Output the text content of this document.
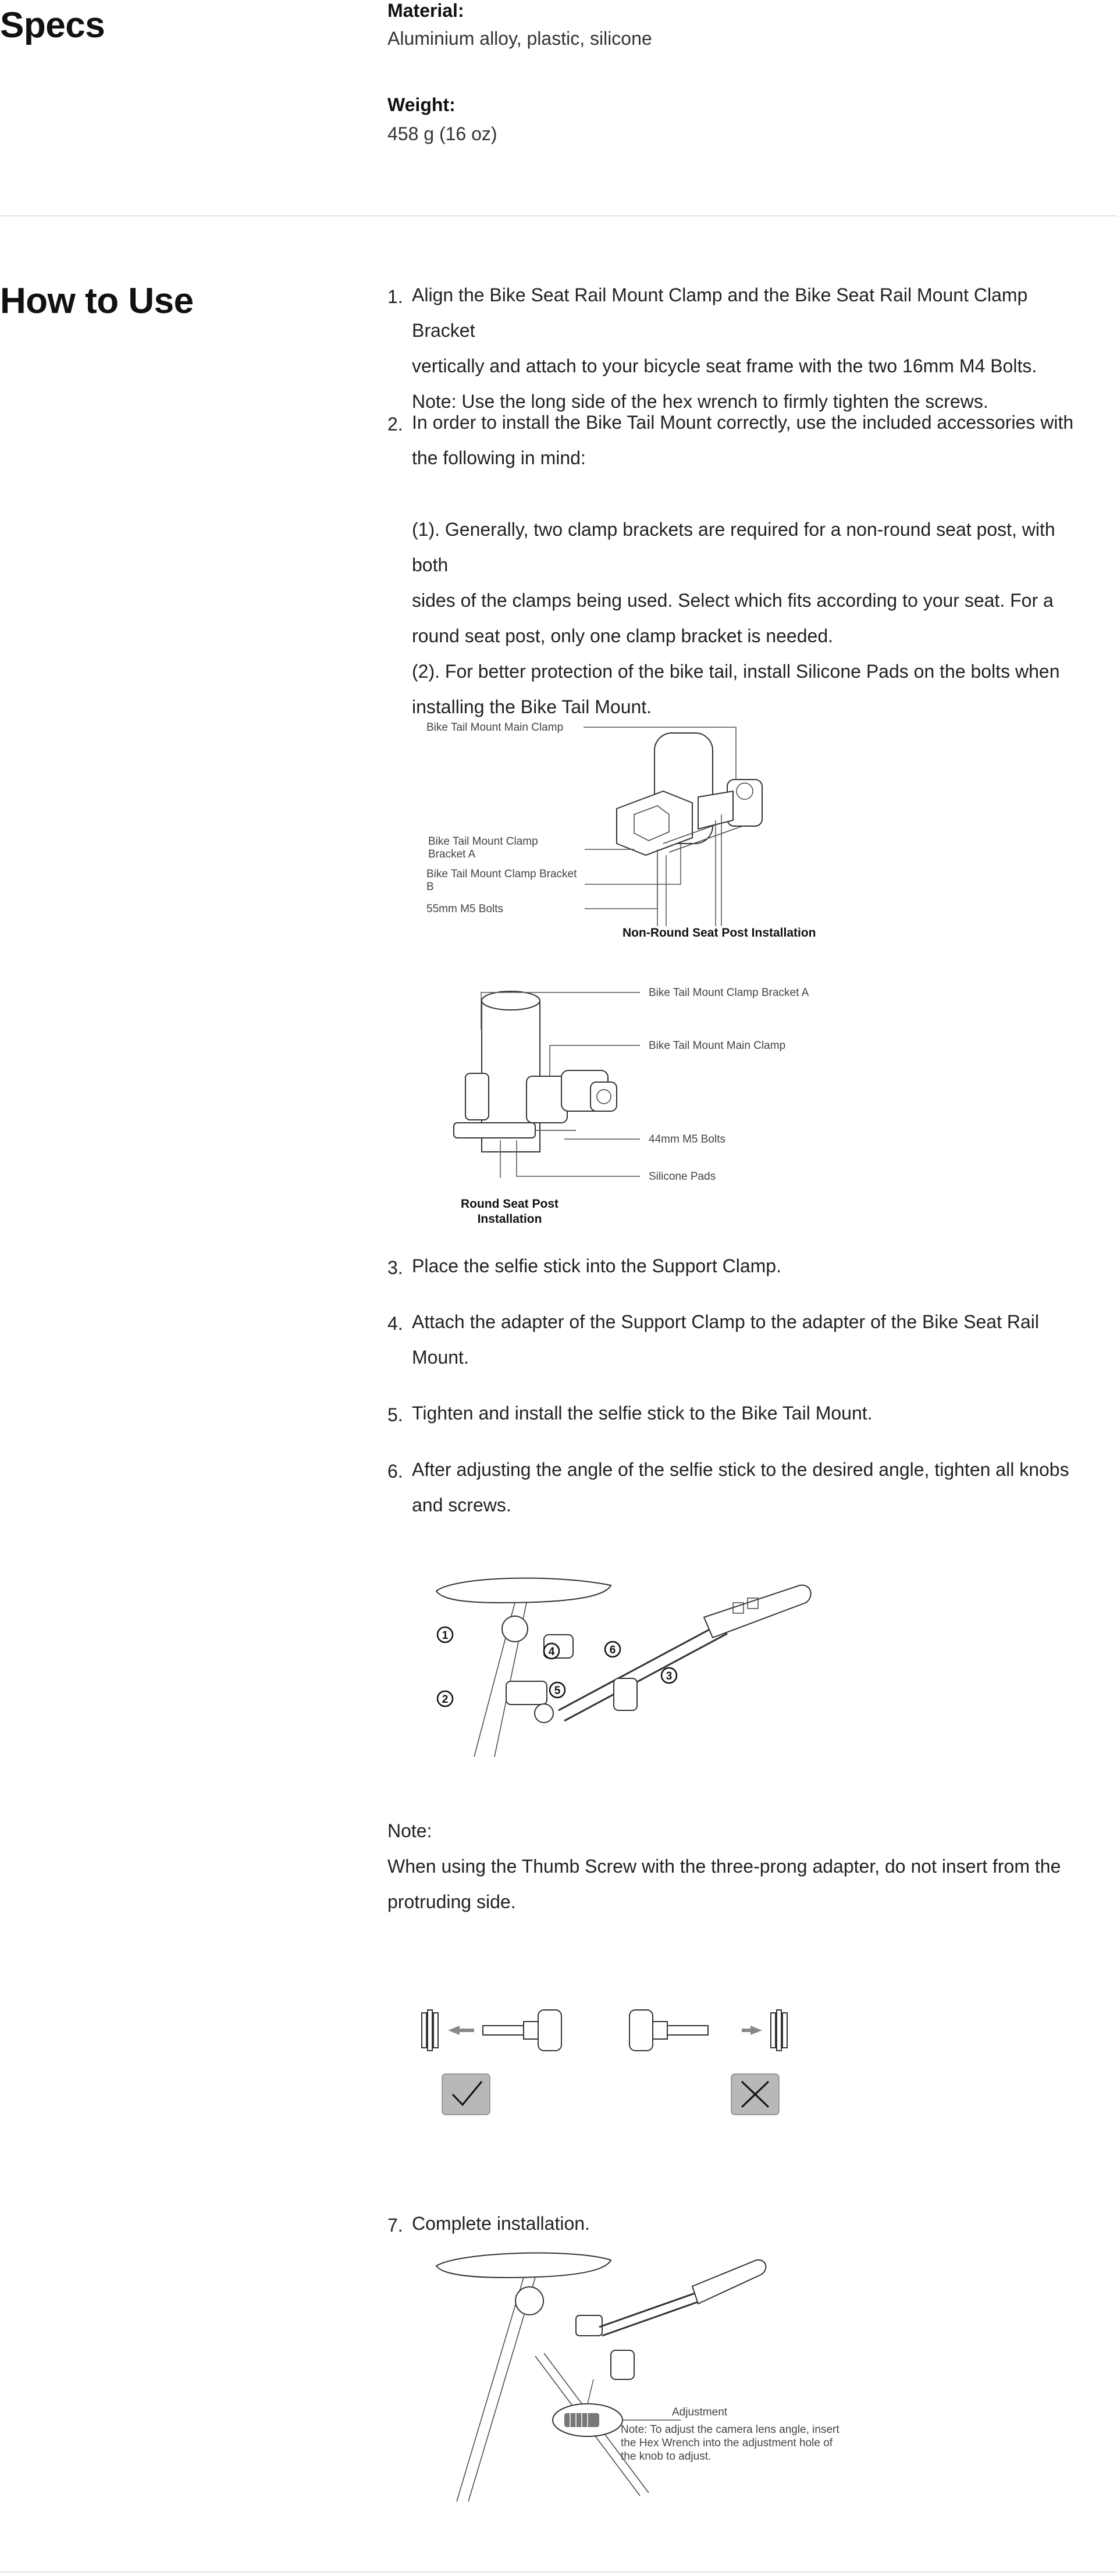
Specs	Material:
Aluminium alloy, plastic, silicone
Weight:
458 g (16 oz)
How to Use	1. Align the Bike Seat Rail Mount Clamp and the Bike Seat Rail Mount Clamp Bracket
vertically and attach to your bicycle seat frame with the two 16mm M4 Bolts.
Note: Use the long side of the hex wrench to firmly tighten the screws.
2. In order to install the Bike Tail Mount correctly, use the included accessories with
the following in mind:
(1). Generally, two clamp brackets are required for a non-round seat post, with both
sides of the clamps being used. Select which fits according to your seat. For a
round seat post, only one clamp bracket is needed.
(2). For better protection of the bike tail, install Silicone Pads on the bolts when
installing the Bike Tail Mount.
Bike Tail Mount Main Clamp
Bike Tail Mount Clamp
Bracket A
Bike Tail Mount Clamp Bracket
B
55mm M5 Bolts
Non-Round Seat Post Installation
Bike Tail Mount Clamp Bracket A
Bike Tail Mount Main Clamp
44mm M5 Bolts
Silicone Pads
Round Seat Post
Installation
3. Place the selfie stick into the Support Clamp.
4. Attach the adapter of the Support Clamp to the adapter of the Bike Seat Rail
Mount.
5. Tighten and install the selfie stick to the Bike Tail Mount.
6. After adjusting the angle of the selfie stick to the desired angle, tighten all knobs
and screws.
1
2
3
4
5
6
Note:
When using the Thumb Screw with the three-prong adapter, do not insert from the
protruding side.
7. Complete installation.
Adjustment
Note: To adjust the camera lens angle, insert
the Hex Wrench into the adjustment hole of
the knob to adjust.
